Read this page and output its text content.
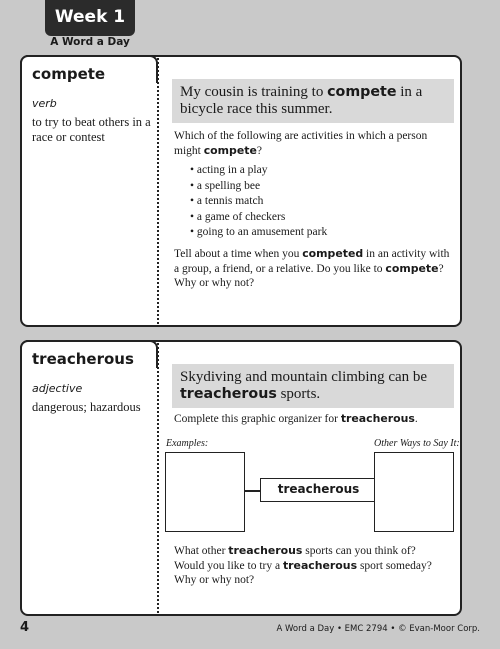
Week 1
A Word a Day
compete
verb
to try to beat others in a race or contest
My cousin is training to compete in a bicycle race this summer.
Which of the following are activities in which a person might compete?
• acting in a play
• a spelling bee
• a tennis match
• a game of checkers
• going to an amusement park
Tell about a time when you competed in an activity with a group, a friend, or a relative. Do you like to compete? Why or why not?
treacherous
adjective
dangerous; hazardous
Skydiving and mountain climbing can be treacherous sports.
Complete this graphic organizer for treacherous.
Examples:	Other Ways to Say It:
treacherous
What other treacherous sports can you think of?
Would you like to try a treacherous sport someday?
Why or why not?
4	A Word a Day • EMC 2794 • © Evan-Moor Corp.
